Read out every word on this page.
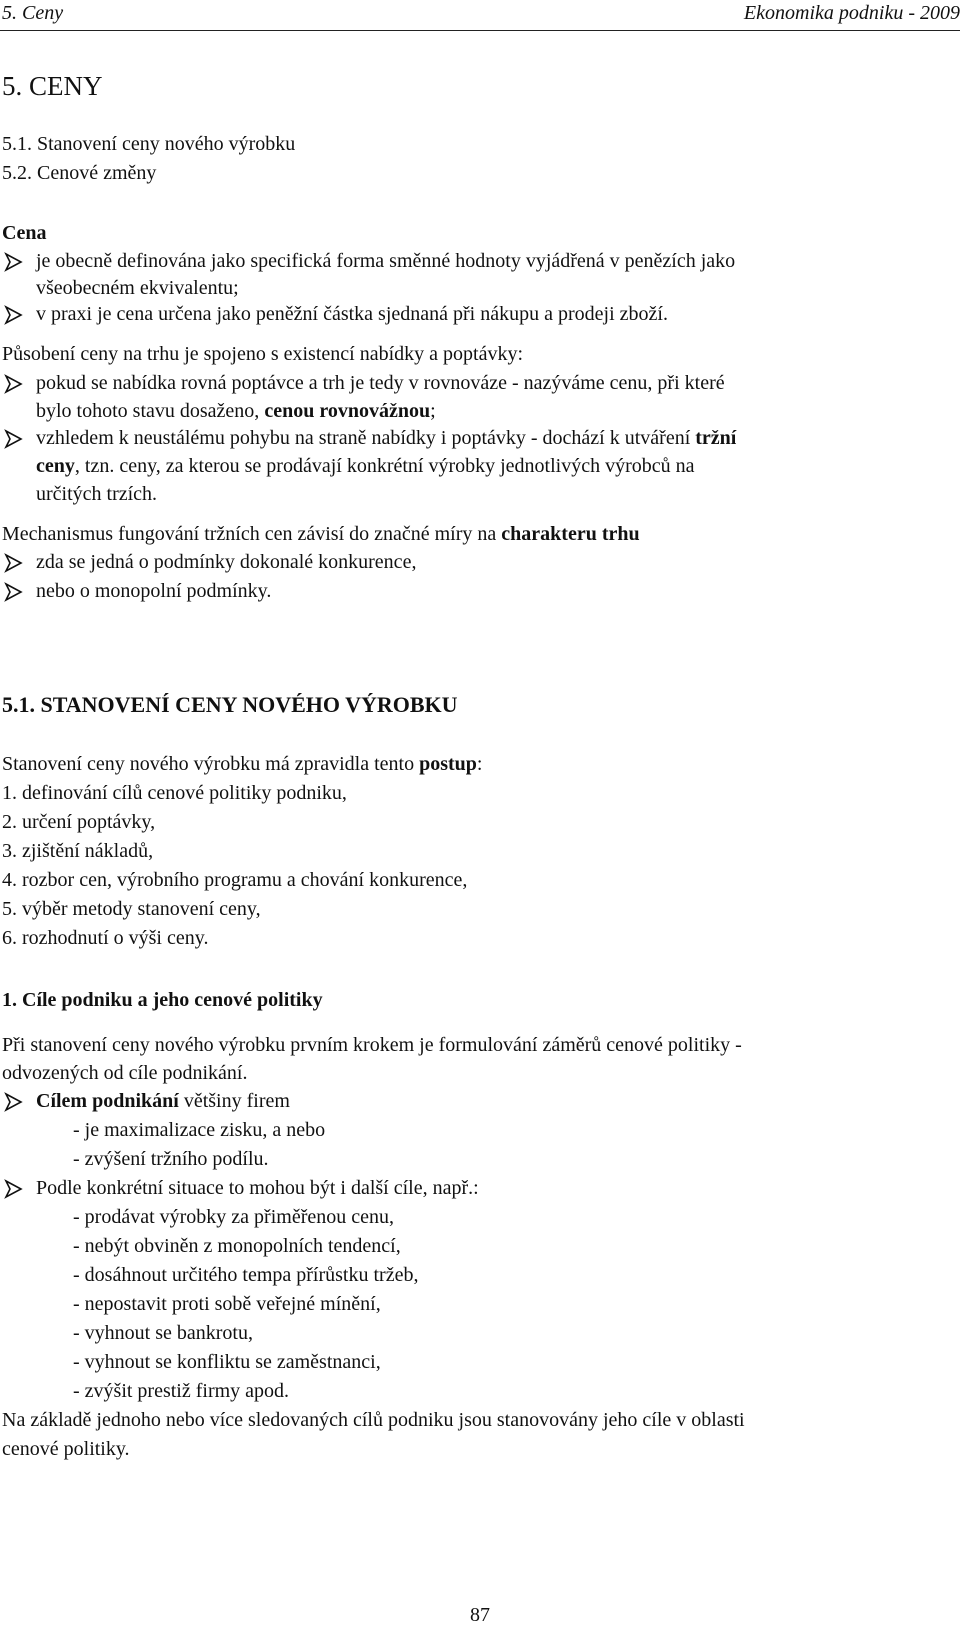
5. Ceny	Ekonomika podniku - 2009
5. CENY
5.1. Stanovení ceny nového výrobku
5.2. Cenové změny
Cena
je obecně definována jako specifická forma směnné hodnoty vyjádřená v penězích jako
všeobecném ekvivalentu;
v praxi je cena určena jako peněžní částka sjednaná při nákupu a prodeji zboží.
Působení ceny na trhu je spojeno s existencí nabídky a poptávky:
pokud se nabídka rovná poptávce a trh je tedy v rovnováze - nazýváme cenu, při které
bylo tohoto stavu dosaženo, cenou rovnovážnou;
vzhledem k neustálému pohybu na straně nabídky i poptávky - dochází k utváření tržní
ceny, tzn. ceny, za kterou se prodávají konkrétní výrobky jednotlivých výrobců na
určitých trzích.
Mechanismus fungování tržních cen závisí do značné míry na charakteru trhu
zda se jedná o podmínky dokonalé konkurence,
nebo o monopolní podmínky.
5.1. STANOVENÍ CENY NOVÉHO VÝROBKU
Stanovení ceny nového výrobku má zpravidla tento postup:
1. definování cílů cenové politiky podniku,
2. určení poptávky,
3. zjištění nákladů,
4. rozbor cen, výrobního programu a chování konkurence,
5. výběr metody stanovení ceny,
6. rozhodnutí o výši ceny.
1. Cíle podniku a jeho cenové politiky
Při stanovení ceny nového výrobku prvním krokem je formulování záměrů cenové politiky -
odvozených od cíle podnikání.
Cílem podnikání většiny firem
- je maximalizace zisku, a nebo
- zvýšení tržního podílu.
Podle konkrétní situace to mohou být i další cíle, např.:
- prodávat výrobky za přiměřenou cenu,
- nebýt obviněn z monopolních tendencí,
- dosáhnout určitého tempa přírůstku tržeb,
- nepostavit proti sobě veřejné mínění,
- vyhnout se bankrotu,
- vyhnout se konfliktu se zaměstnanci,
- zvýšit prestiž firmy apod.
Na základě jednoho nebo více sledovaných cílů podniku jsou stanovovány jeho cíle v oblasti
cenové politiky.
87
